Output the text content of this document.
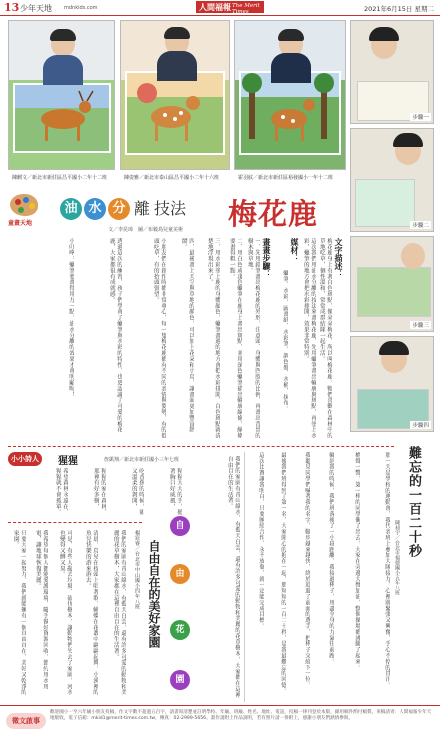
13 少年天地 mdnkids.com	人間福報 The Merit Times	2021年6月15日 星期二
陳麒文／新北市新莊區昌平國小二年十二班	陳姿雅／新北市泰山區昌平國小二年十六班	霍羽紋／新北市新莊區裕發國小一年十二班
步驟一
步驟二
步驟三
步驟四
童畫天地
油 水 分 離 技法 梅花鹿
文／李昆璋　圖／布穀鳥兒童美術
文字描述：
梅花鹿身上有著白色斑點，像朵朵梅花，所以叫梅花鹿。牠們喜歡在森林中的草地吃草，個性溫和，常常成群結隊一起生活。
這次我們用油水分離的技法來畫梅花鹿，先用蠟筆畫出輪廓與斑點，再塗上水彩，蠟筆的地方會把水彩排開，效果非常特別。
媒材：
蠟筆、水彩、圖畫紙、水彩筆、調色盤、水桶、抹布。
畫畫步驟：
一、先用鉛筆畫出梅花鹿的外形，注意頭、身體與四肢的比例，再畫出背景的樹木與草地。
二、用白色或淺色蠟筆在鹿身上畫出斑點，並用深色蠟筆描出輪廓線條，線條要畫得粗一點。
三、用水彩塗上鹿的身體顏色，蠟筆畫過的地方會把水彩排開，白色斑點就清楚地浮現出來了。
四、最後畫上天空與草地的顏色，可以加上花朵和小鳥，讓畫面更加豐富熱鬧。
小朋友們在創作時都非常專心，每一隻梅花鹿都有不同的表情與姿勢，有的低頭吃草，有的抬頭張望。
透過這次的練習，孩子們學會了蠟筆與水彩的特性，也更認識了可愛的梅花鹿，大家都很有成就感。
小叮嚀：蠟筆要畫得用力一點，油水分離的效果才會明顯喔！
小小詩人	猩猩	詹凱翔／新北市新莊國小三年七班
猩猩大大的手，搥著胸口好威風，
吃香蕉的時候，卻又溫柔的剝開，
猩猩的家在森林，那裡有好多樹，
希望森林永遠在，猩猩就不會孤單。
自由自在的美好家園
楊宸睿／台北市中山國小四年八班
自
由
花
園
我們的家園有青山綠水，有藍天白雲，還有許多可愛的動物和美麗的花草樹木，大家都在這裡自由自在的生活著。
清晨，鳥兒在枝頭上唱著歌，蝴蝶在花叢中翩翩起舞，小溪裡的魚兒快樂的游來游去。
可是，有些人亂丟垃圾、砍伐樹木，讓動物們失去了家園，河水也變得又髒又臭。
我希望每個人都能愛護環境，隨手做好資源回收，節約用水用電，讓地球恢復美麗。
只要大家一起努力，我們就能擁有一個自由自在、美好又乾淨的家園。	我們的家園有青山綠水，有藍天白雲，還有許多可愛的動物和美麗的花草樹木，大家都在這裡自由自在的生活著。	難忘的一百二十秒
陳昶宇／台北市福德國小五年八班
那一天是學校的運動會，我代表班上參加大隊接力，心裡既緊張又興奮，手心不停的冒汗。
槍聲一響，第一棒的同學衝了出去，大家在旁邊大聲加油，整個操場都沸騰了起來。
輪到我的時候，我們班落後了一小段距離，我接過棒子，用盡全身的力氣往前跑。
我聽見同學們喊著我的名字，腳步越來越快，終於追過了前面的選手，把棒子交給下一位。
最後我們班得到了第一名，大家開心的抱在一起，那短短的一百二十秒，是我最難忘的回憶。
這次比賽讓我明白，只要團結合作、永不放棄，就一定能完成目標。
徵文啟事
歡迎國小一至六年級小朋友投稿，作文字數不超過五百字，請書寫清楚並註明學校、年級、班級、姓名、地址、電話，投稿一律刊登於本版，錄用稿件酌付稿費。來稿請寄：人間福報少年天地版收，電子信箱：mkid1@merit-times.com.tw，傳真：02-2999-5656。畫作請附上作品說明，若有照片請一併附上，感謝小朋友們熱情參與。
